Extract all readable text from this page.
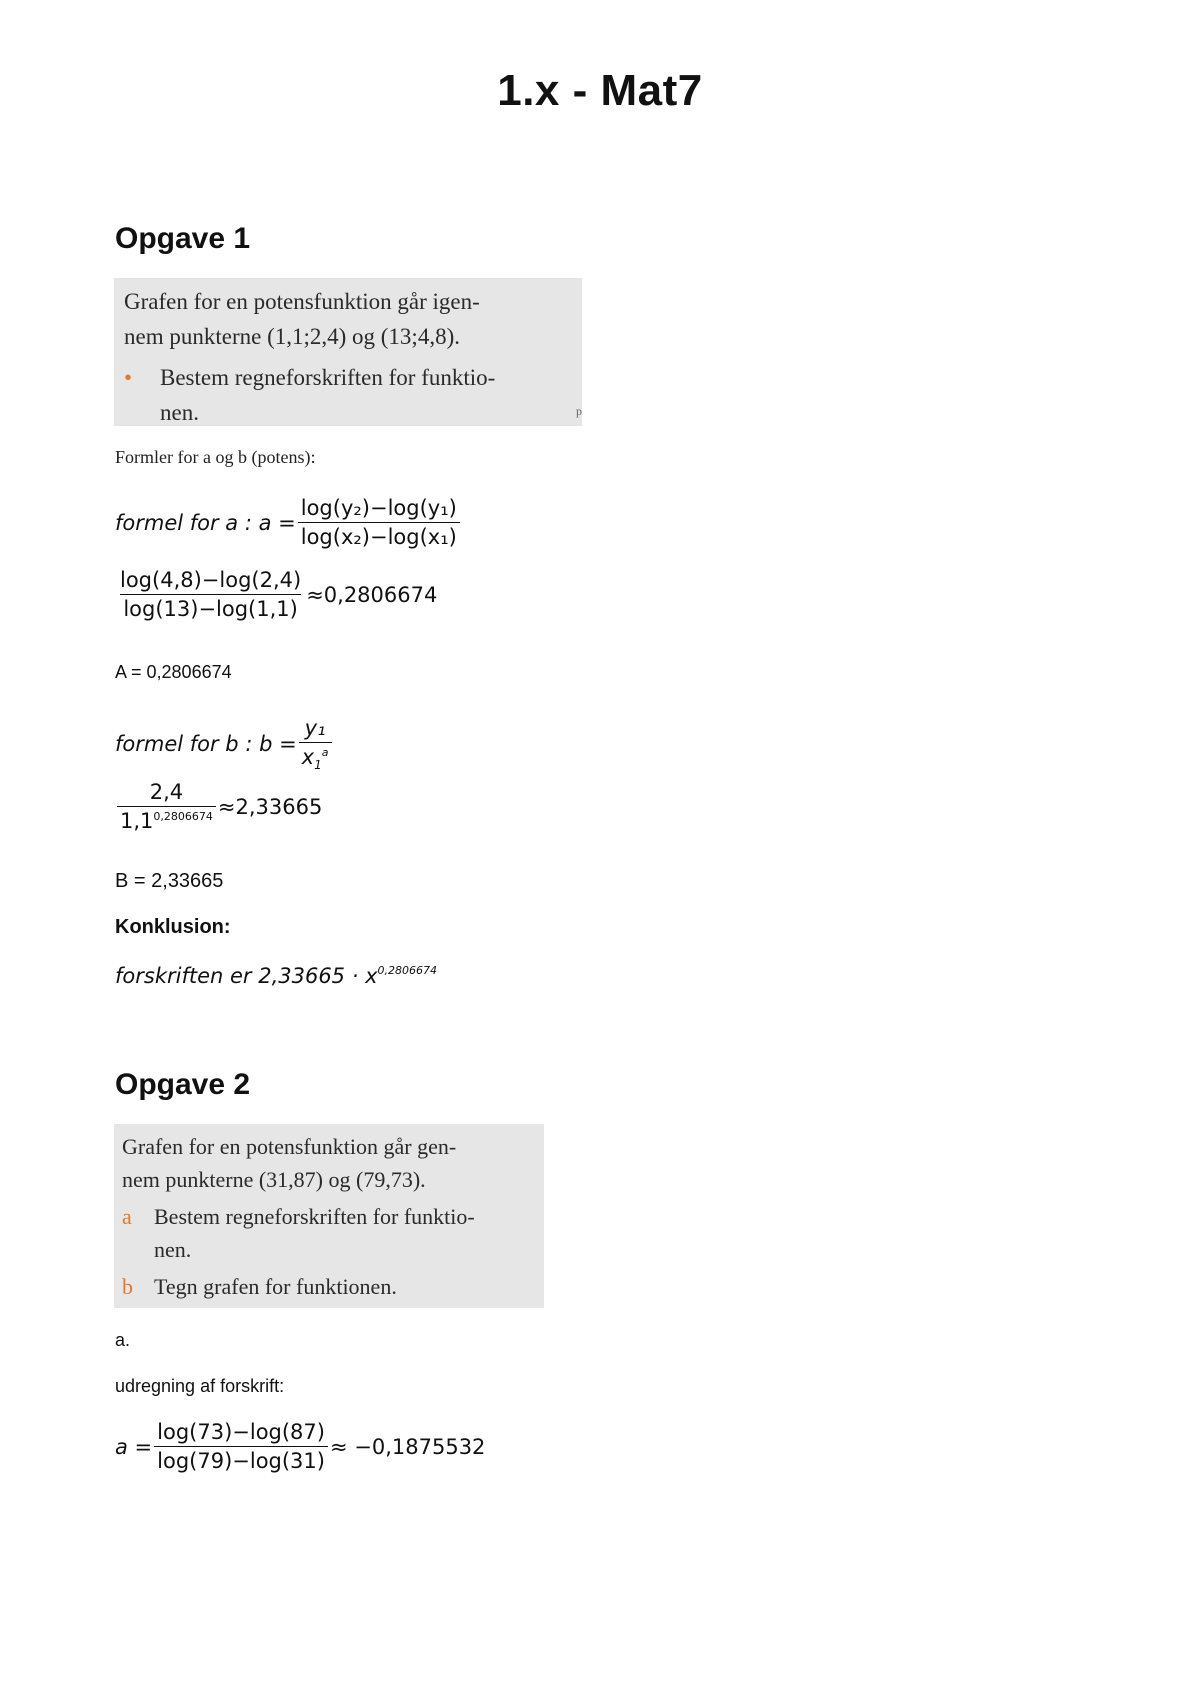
1.x - Mat7
Opgave 1
Grafen for en potensfunktion går igen-
nem punkterne (1,1;2,4) og (13;4,8).
• Bestem regneforskriften for funktio-
nen.	p
Formler for a og b (potens):
formel for a : $a = \frac{\text{log(y₂)−log(y₁)}}{\text{log(x₂)−log(x₁)}}$
$\frac{\log(4,8)-\log(2,4)}{\log(13)-\log(1,1)} \approx 0,2806674$
A = 0,2806674
formel for b : $b = \frac{\text{y₁}}{x_1^a}$
$\frac{2,4}{1,1^{0,2806674}} \approx 2,33665$
B = 2,33665
Konklusion:
forskriften er $2,33665 \cdot x^{0,2806674}$
Opgave 2
Grafen for en potensfunktion går gen-
nem punkterne (31,87) og (79,73).
a Bestem regneforskriften for funktio-
nen.
b Tegn grafen for funktionen.
a.
udregning af forskrift:
$a = \frac{\log(73)-\log(87)}{\log(79)-\log(31)} \approx -0,1875532$
